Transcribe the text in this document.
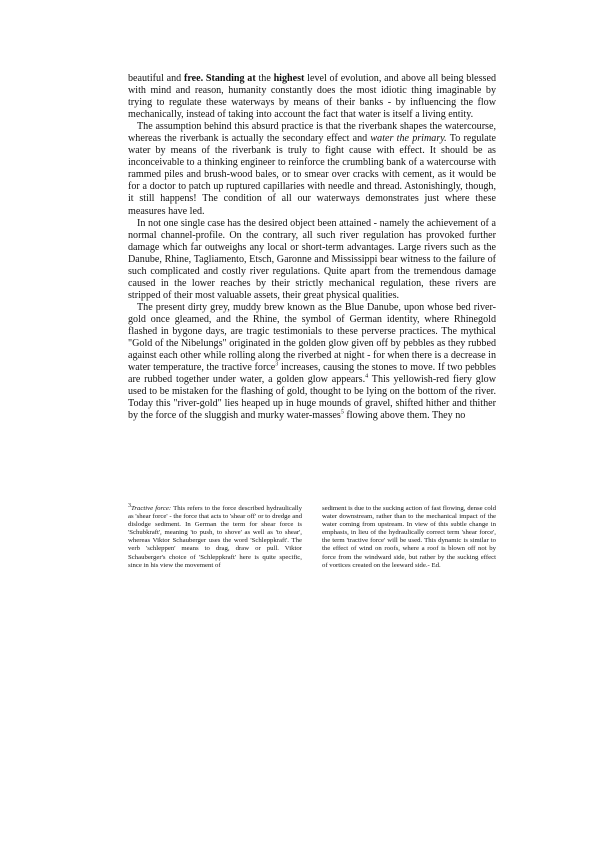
beautiful and free. Standing at the highest level of evolution, and above all being blessed with mind and reason, humanity constantly does the most idiotic thing imaginable by trying to regulate these waterways by means of their banks - by influencing the flow mechanically, instead of taking into account the fact that water is itself a living entity.

The assumption behind this absurd practice is that the riverbank shapes the watercourse, whereas the riverbank is actually the secondary effect and water the primary. To regulate water by means of the riverbank is truly to fight cause with effect. It should be as inconceivable to a thinking engineer to reinforce the crumbling bank of a watercourse with rammed piles and brush-wood bales, or to smear over cracks with cement, as it would be for a doctor to patch up ruptured capillaries with needle and thread. Astonishingly, though, it still happens! The condition of all our waterways demonstrates just where these measures have led.

In not one single case has the desired object been attained - namely the achievement of a normal channel-profile. On the contrary, all such river regulation has provoked further damage which far outweighs any local or short-term advantages. Large rivers such as the Danube, Rhine, Tagliamento, Etsch, Garonne and Mississippi bear witness to the failure of such complicated and costly river regulations. Quite apart from the tremendous damage caused in the lower reaches by their strictly mechanical regulation, these rivers are stripped of their most valuable assets, their great physical qualities.

The present dirty grey, muddy brew known as the Blue Danube, upon whose bed river-gold once gleamed, and the Rhine, the symbol of German identity, where Rhinegold flashed in bygone days, are tragic testimonials to these perverse practices. The mythical "Gold of the Nibelungs" originated in the golden glow given off by pebbles as they rubbed against each other while rolling along the riverbed at night - for when there is a decrease in water temperature, the tractive force$^3$ increases, causing the stones to move. If two pebbles are rubbed together under water, a golden glow appears.$^4$ This yellowish-red fiery glow used to be mistaken for the flashing of gold, thought to be lying on the bottom of the river. Today this "river-gold" lies heaped up in huge mounds of gravel, shifted hither and thither by the force of the sluggish and murky water-masses$^5$ flowing above them. They no

$^3$Tractive force: This refers to the force described hydraulically as 'shear force' - the force that acts to 'shear off' or to dredge and dislodge sediment. In German the term for shear force is 'Schubkraft', meaning 'to push, to shove' as well as 'to shear', whereas Viktor Schauberger uses the word 'Schleppkraft'. The verb 'schleppen' means to drag, draw or pull. Viktor Schauberger's choice of 'Schleppkraft' here is quite specific, since in his view the movement of
sediment is due to the sucking action of fast flowing, dense cold water downstream, rather than to the mechanical impact of the water coming from upstream. In view of this subtle change in emphasis, in lieu of the hydraulically correct term 'shear force', the term 'tractive force' will be used. This dynamic is similar to the effect of wind on roofs, where a roof is blown off not by force from the windward side, but rather by the sucking effect of vortices created on the leeward side.- Ed.
